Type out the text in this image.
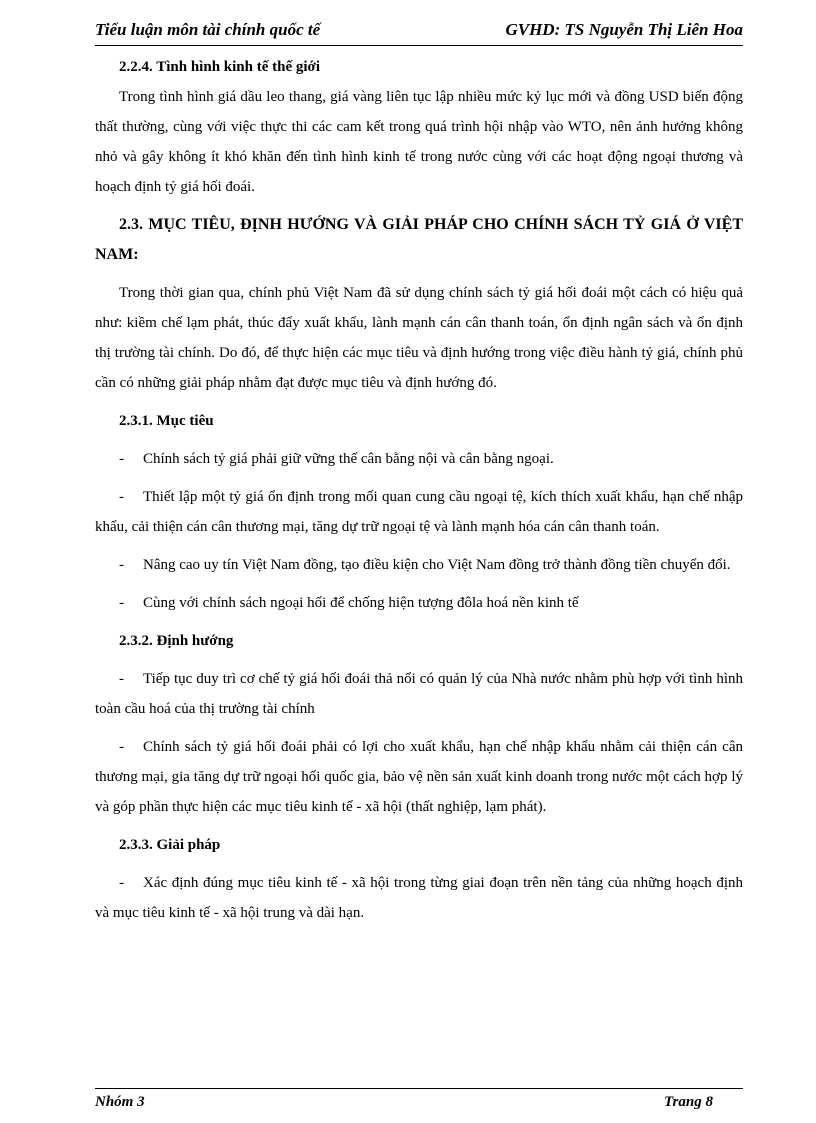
Tiểu luận môn tài chính quốc tế	GVHD: TS Nguyễn Thị Liên Hoa

2.2.4. Tình hình kinh tế thế giới

Trong tình hình giá dầu leo thang, giá vàng liên tục lập nhiều mức kỷ lục mới và đồng USD biến động thất thường, cùng với việc thực thi các cam kết trong quá trình hội nhập vào WTO, nên ảnh hưởng không nhỏ và gây không ít khó khăn đến tình hình kinh tế trong nước cùng với các hoạt động ngoại thương và hoạch định tỷ giá hối đoái.

2.3. MỤC TIÊU, ĐỊNH HƯỚNG VÀ GIẢI PHÁP CHO CHÍNH SÁCH TỶ GIÁ Ở VIỆT NAM:

Trong thời gian qua, chính phủ Việt Nam đã sử dụng chính sách tỷ giá hối đoái một cách có hiệu quả như: kiềm chế lạm phát, thúc đẩy xuất khẩu, lành mạnh cán cân thanh toán, ổn định ngân sách và ổn định thị trường tài chính. Do đó, để thực hiện các mục tiêu và định hướng trong việc điều hành tỷ giá, chính phủ cần có những giải pháp nhằm đạt được mục tiêu và định hướng đó.

2.3.1. Mục tiêu

- Chính sách tỷ giá phải giữ vững thế cân bằng nội và cân bằng ngoại.

- Thiết lập một tỷ giá ổn định trong mối quan cung cầu ngoại tệ, kích thích xuất khẩu, hạn chế nhập khẩu, cải thiện cán cân thương mại, tăng dự trữ ngoại tệ và lành mạnh hóa cán cân thanh toán.

- Nâng cao uy tín Việt Nam đồng, tạo điều kiện cho Việt Nam đồng trở thành đồng tiền chuyển đổi.

- Cùng với chính sách ngoại hối để chống hiện tượng đôla hoá nền kinh tế

2.3.2. Định hướng

- Tiếp tục duy trì cơ chế tỷ giá hối đoái thả nổi có quản lý của Nhà nước nhằm phù hợp với tình hình toàn cầu hoá của thị trường tài chính

- Chính sách tỷ giá hối đoái phải có lợi cho xuất khẩu, hạn chế nhập khẩu nhằm cải thiện cán cân thương mại, gia tăng dự trữ ngoại hối quốc gia, bảo vệ nền sản xuất kinh doanh trong nước một cách hợp lý và góp phần thực hiện các mục tiêu kinh tế - xã hội (thất nghiệp, lạm phát).

2.3.3. Giải pháp

- Xác định đúng mục tiêu kinh tế - xã hội trong từng giai đoạn trên nền tảng của những hoạch định và mục tiêu kinh tế - xã hội trung và dài hạn.

Nhóm 3	Trang 8
